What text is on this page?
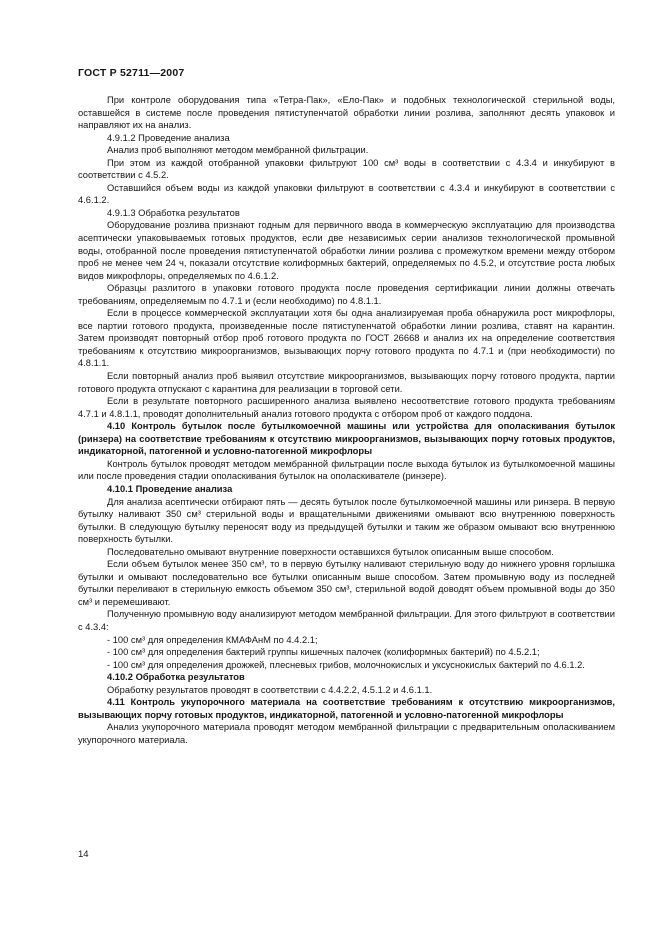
ГОСТ Р 52711—2007

При контроле оборудования типа «Тетра-Пак», «Ело-Пак» и подобных технологической стерильной воды, оставшейся в системе после проведения пятиступенчатой обработки линии розлива, заполняют десять упаковок и направляют их на анализ.

4.9.1.2 Проведение анализа

Анализ проб выполняют методом мембранной фильтрации.

При этом из каждой отобранной упаковки фильтруют 100 см³ воды в соответствии с 4.3.4 и инкубируют в соответствии с 4.5.2.

Оставшийся объем воды из каждой упаковки фильтруют в соответствии с 4.3.4 и инкубируют в соответствии с 4.6.1.2.

4.9.1.3 Обработка результатов

Оборудование розлива признают годным для первичного ввода в коммерческую эксплуатацию для производства асептически упаковываемых готовых продуктов, если две независимых серии анализов технологической промывной воды, отобранной после проведения пятиступенчатой обработки линии розлива с промежутком времени между отбором проб не менее чем 24 ч, показали отсутствие колиформных бактерий, определяемых по 4.5.2, и отсутствие роста любых видов микрофлоры, определяемых по 4.6.1.2.

Образцы разлитого в упаковки готового продукта после проведения сертификации линии должны отвечать требованиям, определяемым по 4.7.1 и (если необходимо) по 4.8.1.1.

Если в процессе коммерческой эксплуатации хотя бы одна анализируемая проба обнаружила рост микрофлоры, все партии готового продукта, произведенные после пятиступенчатой обработки линии розлива, ставят на карантин. Затем производят повторный отбор проб готового продукта по ГОСТ 26668 и анализ их на определение соответствия требованиям к отсутствию микроорганизмов, вызывающих порчу готового продукта по 4.7.1 и (при необходимости) по 4.8.1.1.

Если повторный анализ проб выявил отсутствие микроорганизмов, вызывающих порчу готового продукта, партии готового продукта отпускают с карантина для реализации в торговой сети.

Если в результате повторного расширенного анализа выявлено несоответствие готового продукта требованиям 4.7.1 и 4.8.1.1, проводят дополнительный анализ готового продукта с отбором проб от каждого поддона.

4.10 Контроль бутылок после бутылкомоечной машины или устройства для ополаскивания бутылок (ринзера) на соответствие требованиям к отсутствию микроорганизмов, вызывающих порчу готовых продуктов, индикаторной, патогенной и условно-патогенной микрофлоры

Контроль бутылок проводят методом мембранной фильтрации после выхода бутылок из бутылкомоечной машины или после проведения стадии ополаскивания бутылок на ополаскивателе (ринзере).

4.10.1 Проведение анализа

Для анализа асептически отбирают пять — десять бутылок после бутылкомоечной машины или ринзера. В первую бутылку наливают 350 см³ стерильной воды и вращательными движениями омывают всю внутреннюю поверхность бутылки. В следующую бутылку переносят воду из предыдущей бутылки и таким же образом омывают всю внутреннюю поверхность бутылки.

Последовательно омывают внутренние поверхности оставшихся бутылок описанным выше способом.

Если объем бутылок менее 350 см³, то в первую бутылку наливают стерильную воду до нижнего уровня горлышка бутылки и омывают последовательно все бутылки описанным выше способом. Затем промывную воду из последней бутылки переливают в стерильную емкость объемом 350 см³, стерильной водой доводят объем промывной воды до 350 см³ и перемешивают.

Полученную промывную воду анализируют методом мембранной фильтрации. Для этого фильтруют в соответствии с 4.3.4:

- 100 см³ для определения КМАФАнМ по 4.4.2.1;

- 100 см³ для определения бактерий группы кишечных палочек (колиформных бактерий) по 4.5.2.1;

- 100 см³ для определения дрожжей, плесневых грибов, молочнокислых и уксуснокислых бактерий по 4.6.1.2.

4.10.2 Обработка результатов

Обработку результатов проводят в соответствии с 4.4.2.2, 4.5.1.2 и 4.6.1.1.

4.11 Контроль укупорочного материала на соответствие требованиям к отсутствию микроорганизмов, вызывающих порчу готовых продуктов, индикаторной, патогенной и условно-патогенной микрофлоры

Анализ укупорочного материала проводят методом мембранной фильтрации с предварительным ополаскиванием укупорочного материала.

14
